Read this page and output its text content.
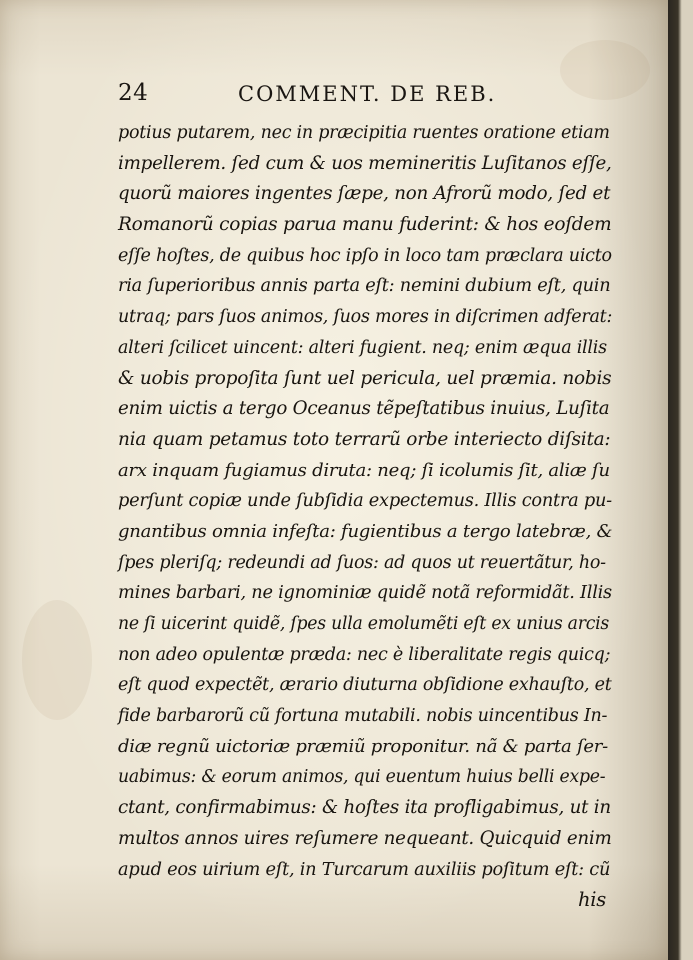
24	COMMENT. DE REB.
potius putarem, nec in præcipitia ruentes oratione etiam
impellerem. ſed cum & uos memineritis Luſitanos eſſe,
quorũ maiores ingentes ſæpe, non Afrorũ modo, ſed et
Romanorũ copias parua manu fuderint: & hos eoſdem
eſſe hoſtes, de quibus hoc ipſo in loco tam præclara uicto
ria ſuperioribus annis parta eſt: nemini dubium eſt, quin
utraq; pars ſuos animos, ſuos mores in diſcrimen adferat:
alteri ſcilicet uincent: alteri fugient. neq; enim æqua illis
& uobis propoſita ſunt uel pericula, uel præmia. nobis
enim uictis a tergo Oceanus tẽpeſtatibus inuius, Luſita
nia quam petamus toto terrarũ orbe interiecto diſsita:
arx inquam fugiamus diruta: neq; ſi icolumis ſit, aliæ ſu
perſunt copiæ unde ſubſidia expectemus. Illis contra pu-
gnantibus omnia infeſta: fugientibus a tergo latebræ, &
ſpes pleriſq; redeundi ad ſuos: ad quos ut reuertãtur, ho-
mines barbari, ne ignominiæ quidẽ notã reformidãt. Illis
ne ſi uicerint quidẽ, ſpes ulla emolumẽti eſt ex unius arcis
non adeo opulentæ præda: nec è liberalitate regis quicq;
eſt quod expectẽt, ærario diuturna obſidione exhauſto, et
fide barbarorũ cũ fortuna mutabili. nobis uincentibus In-
diæ regnũ uictoriæ præmiũ proponitur. nã & parta ſer-
uabimus: & eorum animos, qui euentum huius belli expe-
ctant, confirmabimus: & hoſtes ita profligabimus, ut in
multos annos uires reſumere nequeant. Quicquid enim
apud eos uirium eſt, in Turcarum auxiliis poſitum eſt: cũ
his
